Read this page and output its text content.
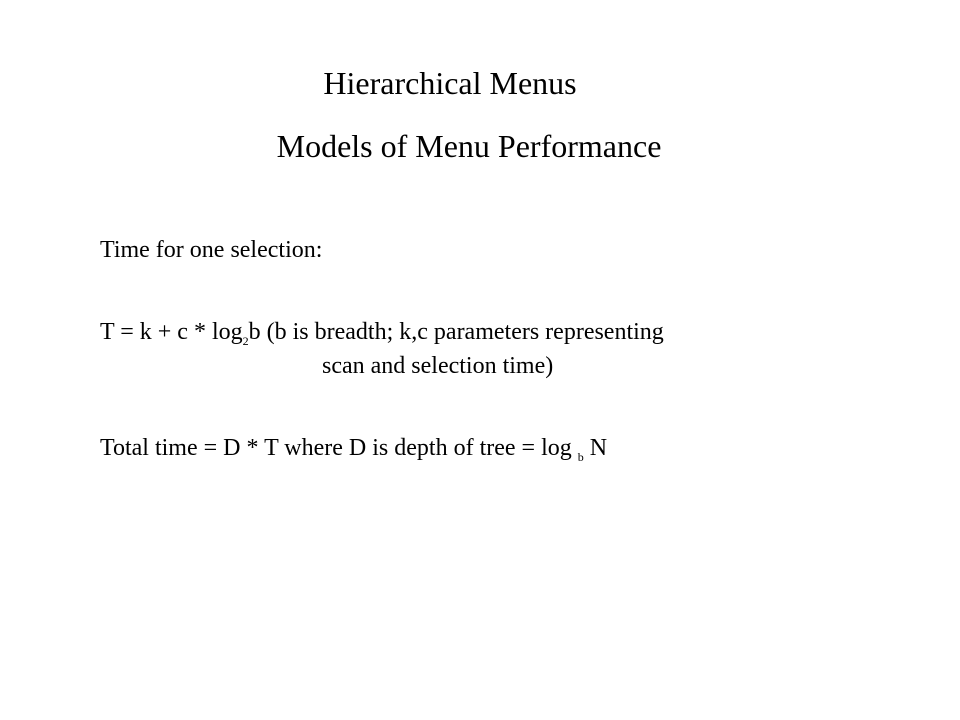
Hierarchical Menus
Models of Menu Performance
Time for one selection:
$T = k + c * \log_2b$ (b is breadth; k,c parameters representing
scan and selection time)
Total time = D * T where D is depth of tree = log $_b$ N
